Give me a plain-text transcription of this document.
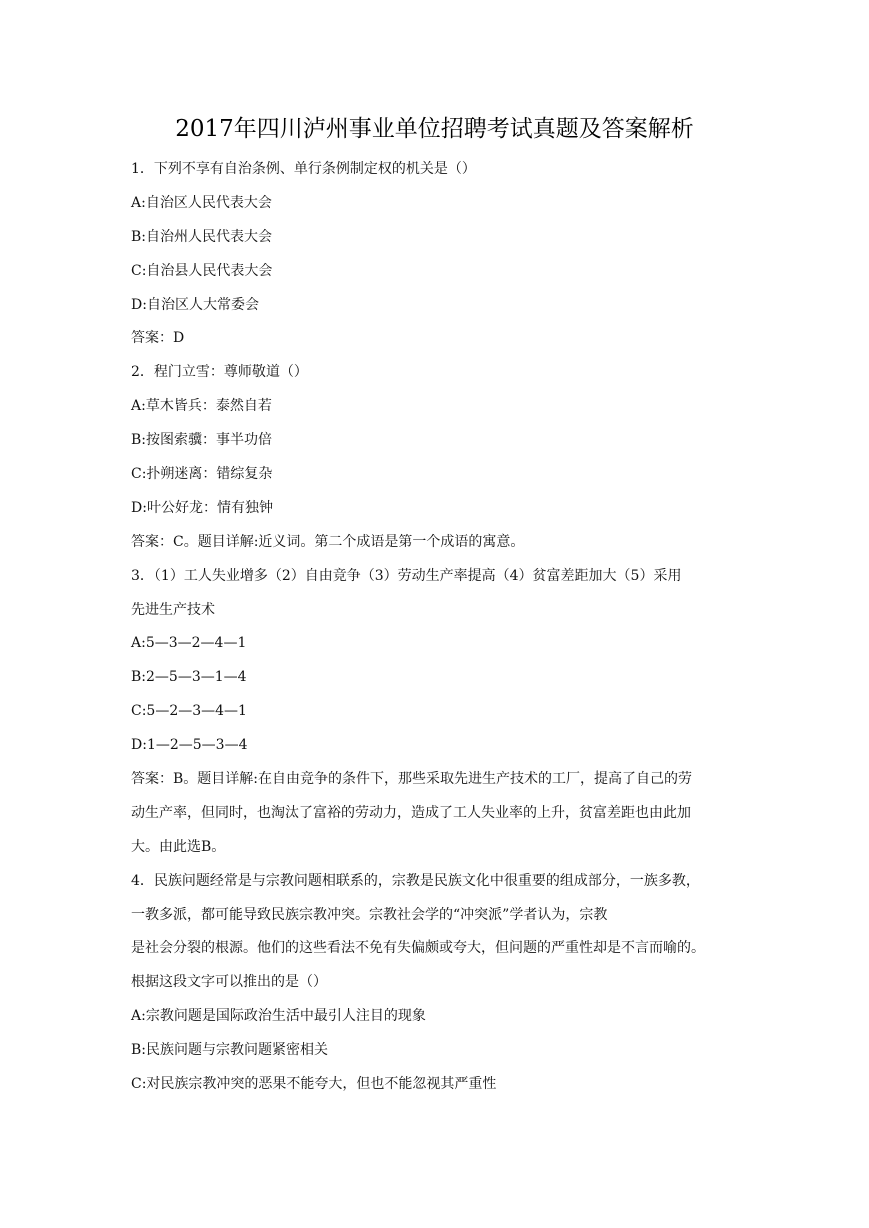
2017年四川泸州事业单位招聘考试真题及答案解析
1．下列不享有自治条例、单行条例制定权的机关是（）
A:自治区人民代表大会
B:自治州人民代表大会
C:自治县人民代表大会
D:自治区人大常委会
答案：D
2．程门立雪：尊师敬道（）
A:草木皆兵：泰然自若
B:按图索骥：事半功倍
C:扑朔迷离：错综复杂
D:叶公好龙：情有独钟
答案：C。题目详解:近义词。第二个成语是第一个成语的寓意。
3．（1）工人失业增多（2）自由竞争（3）劳动生产率提高（4）贫富差距加大（5）采用
先进生产技术
A:5—3—2—4—1
B:2—5—3—1—4
C:5—2—3—4—1
D:1—2—5—3—4
答案：B。题目详解:在自由竞争的条件下，那些采取先进生产技术的工厂，提高了自己的劳
动生产率，但同时，也淘汰了富裕的劳动力，造成了工人失业率的上升，贫富差距也由此加
大。由此选B。
4．民族问题经常是与宗教问题相联系的，宗教是民族文化中很重要的组成部分，一族多教，
一教多派，都可能导致民族宗教冲突。宗教社会学的“冲突派”学者认为，宗教
是社会分裂的根源。他们的这些看法不免有失偏颇或夸大，但问题的严重性却是不言而喻的。
根据这段文字可以推出的是（）
A:宗教问题是国际政治生活中最引人注目的现象
B:民族问题与宗教问题紧密相关
C:对民族宗教冲突的恶果不能夸大，但也不能忽视其严重性
